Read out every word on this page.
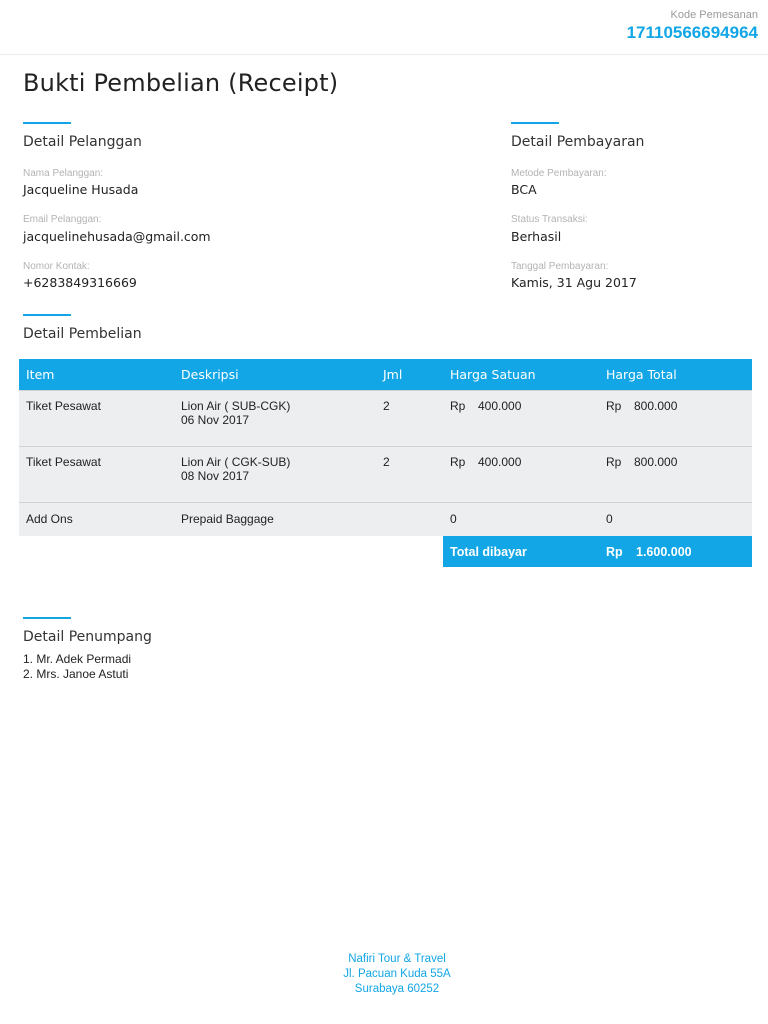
Kode Pemesanan
17110566694964
Bukti Pembelian (Receipt)
Detail Pelanggan
Nama Pelanggan:
Jacqueline Husada
Email Pelanggan:
jacquelinehusada@gmail.com
Nomor Kontak:
+6283849316669
Detail Pembayaran
Metode Pembayaran:
BCA
Status Transaksi:
Berhasil
Tanggal Pembayaran:
Kamis, 31 Agu 2017
Detail Pembelian
Item	Deskripsi	Jml	Harga Satuan	Harga Total
Tiket Pesawat	Lion Air ( SUB-CGK)
06 Nov 2017	2	Rp 400.000	Rp 800.000
Tiket Pesawat	Lion Air ( CGK-SUB)
08 Nov 2017	2	Rp 400.000	Rp 800.000
Add Ons	Prepaid Baggage		0	0
			Total dibayar	Rp 1.600.000
Detail Penumpang
1. Mr. Adek Permadi
2. Mrs. Janoe Astuti
Nafiri Tour & Travel
Jl. Pacuan Kuda 55A
Surabaya 60252
